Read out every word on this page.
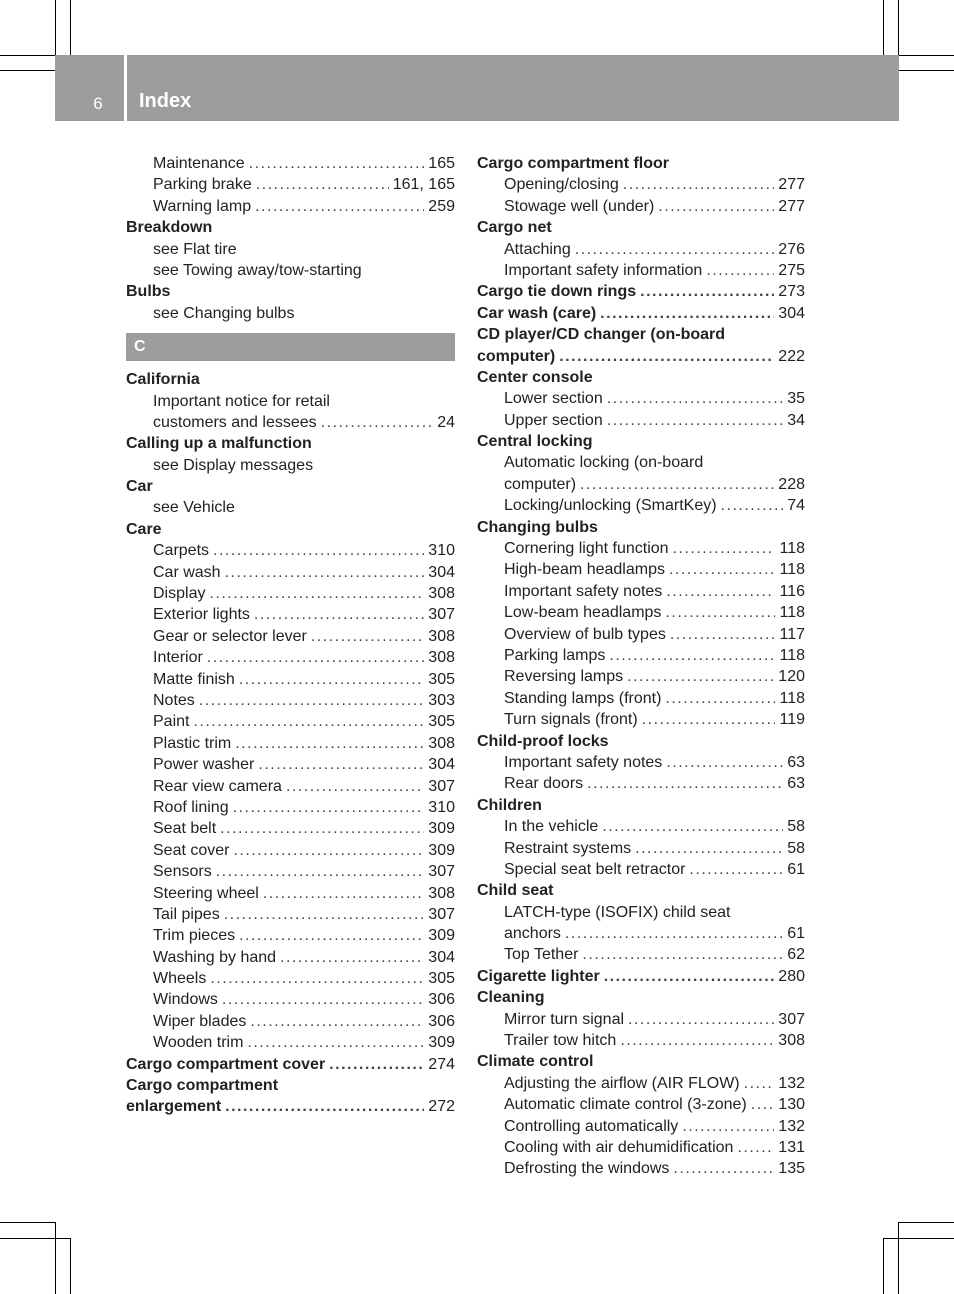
6 Index
Maintenance .....	165
Parking brake .....	161, 165
Warning lamp .....	259
Breakdown
see Flat tire
see Towing away/tow-starting
Bulbs
see Changing bulbs
C
California
Important notice for retail
customers and lessees .....	24
Calling up a malfunction
see Display messages
Car
see Vehicle
Care
Carpets .....	310
Car wash .....	304
Display .....	308
Exterior lights .....	307
Gear or selector lever .....	308
Interior .....	308
Matte finish .....	305
Notes .....	303
Paint .....	305
Plastic trim .....	308
Power washer .....	304
Rear view camera .....	307
Roof lining .....	310
Seat belt .....	309
Seat cover .....	309
Sensors .....	307
Steering wheel .....	308
Tail pipes .....	307
Trim pieces .....	309
Washing by hand .....	304
Wheels .....	305
Windows .....	306
Wiper blades .....	306
Wooden trim .....	309
Cargo compartment cover .....	274
Cargo compartment
enlargement .....	272
Cargo compartment floor
Opening/closing .....	277
Stowage well (under) .....	277
Cargo net
Attaching .....	276
Important safety information .....	275
Cargo tie down rings .....	273
Car wash (care) .....	304
CD player/CD changer (on-board
computer) .....	222
Center console
Lower section .....	35
Upper section .....	34
Central locking
Automatic locking (on-board
computer) .....	228
Locking/unlocking (SmartKey) .....	74
Changing bulbs
Cornering light function .....	118
High-beam headlamps .....	118
Important safety notes .....	116
Low-beam headlamps .....	118
Overview of bulb types .....	117
Parking lamps .....	118
Reversing lamps .....	120
Standing lamps (front) .....	118
Turn signals (front) .....	119
Child-proof locks
Important safety notes .....	63
Rear doors .....	63
Children
In the vehicle .....	58
Restraint systems .....	58
Special seat belt retractor .....	61
Child seat
LATCH-type (ISOFIX) child seat
anchors .....	61
Top Tether .....	62
Cigarette lighter .....	280
Cleaning
Mirror turn signal .....	307
Trailer tow hitch .....	308
Climate control
Adjusting the airflow (AIR FLOW) ..... 132
Automatic climate control (3-zone) ..... 130
Controlling automatically .....	132
Cooling with air dehumidification .....	131
Defrosting the windows .....	135
